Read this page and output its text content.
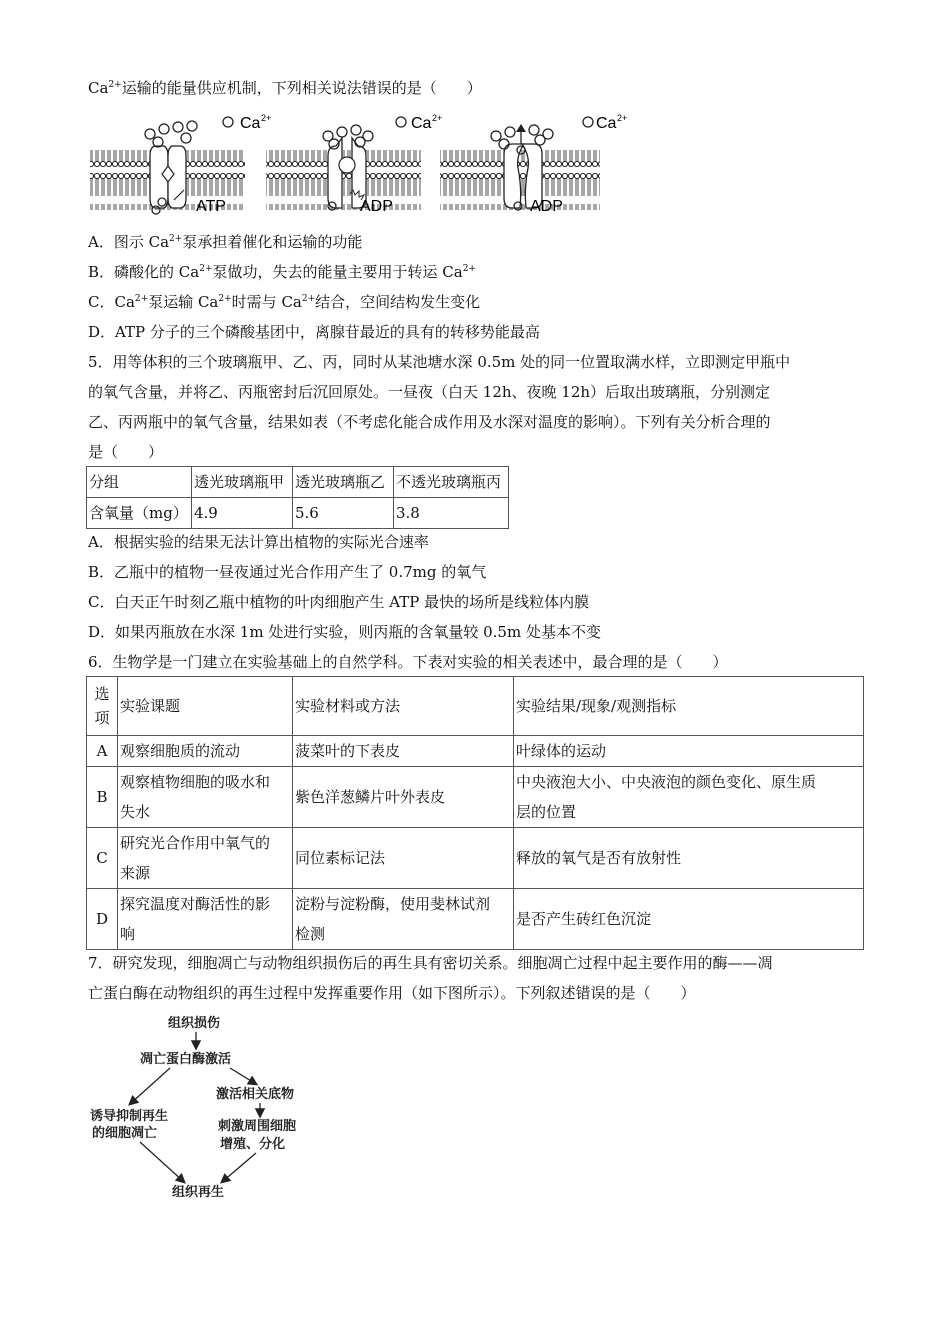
$Ca^{2+}$运输的能量供应机制，下列相关说法错误的是（　　）
ATP
Ca 2+
ADP
Ca 2+
ADP
Ca 2+
A．图示 $Ca^{2+}$泵承担着催化和运输的功能
B．磷酸化的 $Ca^{2+}$泵做功，失去的能量主要用于转运 $Ca^{2+}$
C．$Ca^{2+}$泵运输 $Ca^{2+}$时需与 $Ca^{2+}$结合，空间结构发生变化
D．ATP 分子的三个磷酸基团中，离腺苷最近的具有的转移势能最高
5．用等体积的三个玻璃瓶甲、乙、丙，同时从某池塘水深 0.5m 处的同一位置取满水样，立即测定甲瓶中
的氧气含量，并将乙、丙瓶密封后沉回原处。一昼夜（白天 12h、夜晚 12h）后取出玻璃瓶，分别测定
乙、丙两瓶中的氧气含量，结果如表（不考虑化能合成作用及水深对温度的影响）。下列有关分析合理的
是（　　）
分组	透光玻璃瓶甲	透光玻璃瓶乙	不透光玻璃瓶丙
含氧量（mg）	4.9	5.6	3.8
A．根据实验的结果无法计算出植物的实际光合速率
B．乙瓶中的植物一昼夜通过光合作用产生了 0.7mg 的氧气
C．白天正午时刻乙瓶中植物的叶肉细胞产生 ATP 最快的场所是线粒体内膜
D．如果丙瓶放在水深 1m 处进行实验，则丙瓶的含氧量较 0.5m 处基本不变
6．生物学是一门建立在实验基础上的自然学科。下表对实验的相关表述中，最合理的是（　　）
选
项	实验课题	实验材料或方法	实验结果/现象/观测指标
A	观察细胞质的流动	菠菜叶的下表皮	叶绿体的运动
B	观察植物细胞的吸水和
失水	紫色洋葱鳞片叶外表皮	中央液泡大小、中央液泡的颜色变化、原生质
层的位置
C	研究光合作用中氧气的
来源	同位素标记法	释放的氧气是否有放射性
D	探究温度对酶活性的影
响	淀粉与淀粉酶，使用斐林试剂
检测	是否产生砖红色沉淀
7．研究发现，细胞凋亡与动物组织损伤后的再生具有密切关系。细胞凋亡过程中起主要作用的酶——凋
亡蛋白酶在动物组织的再生过程中发挥重要作用（如下图所示）。下列叙述错误的是（　　）
组织损伤
凋亡蛋白酶激活
激活相关底物
刺激周围细胞
增殖、分化
诱导抑制再生
的细胞凋亡
组织再生
